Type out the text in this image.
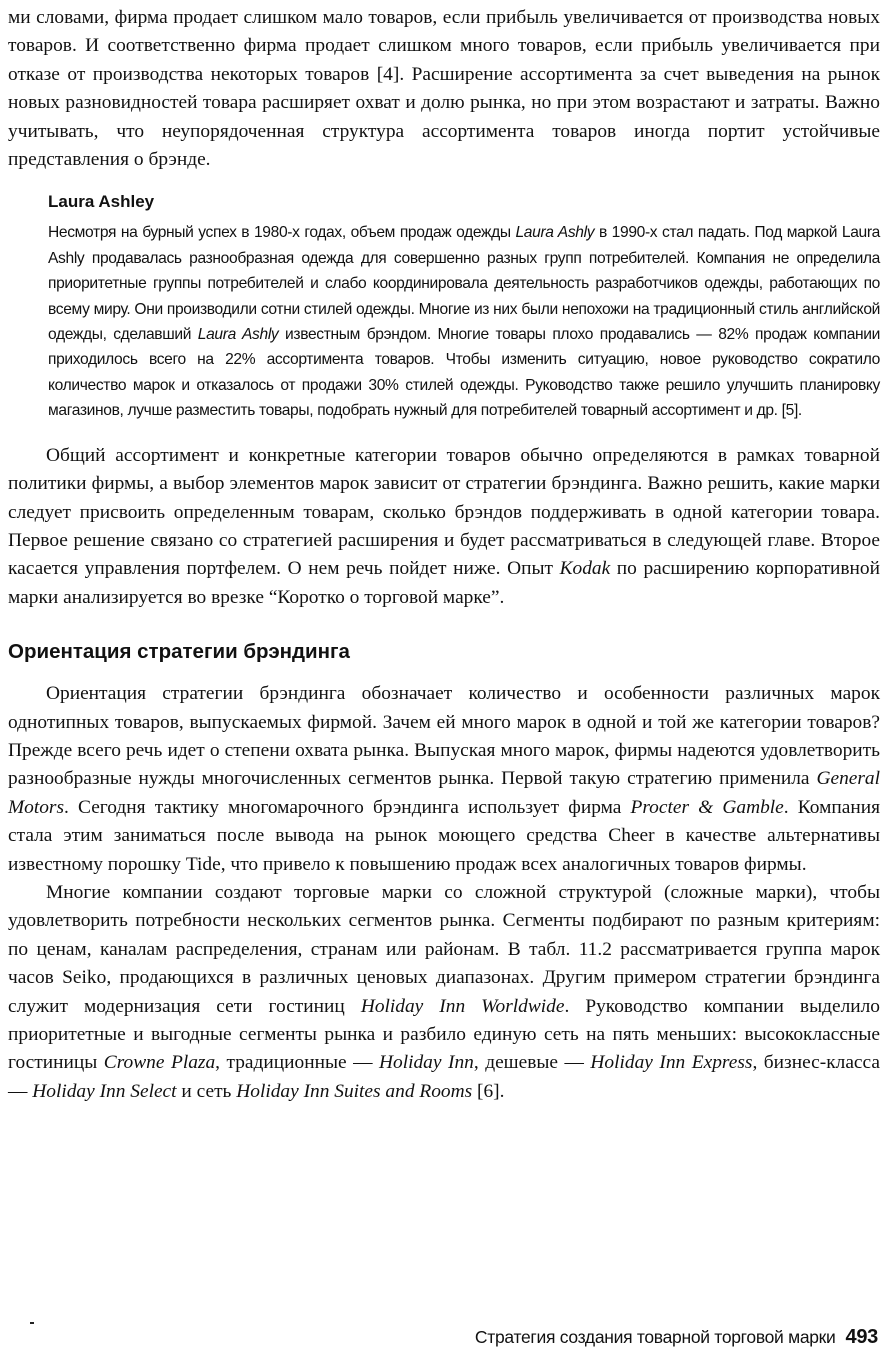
ми словами, фирма продает слишком мало товаров, если прибыль увеличивается от производства новых товаров. И соответственно фирма продает слишком много товаров, если прибыль увеличивается при отказе от производства некоторых товаров [4]. Расширение ассортимента за счет выведения на рынок новых разновидностей товара расширяет охват и долю рынка, но при этом возрастают и затраты. Важно учитывать, что неупорядоченная структура ассортимента товаров иногда портит устойчивые представления о брэнде.

Laura Ashley

Несмотря на бурный успех в 1980-х годах, объем продаж одежды Laura Ashly в 1990-х стал падать. Под маркой Laura Ashly продавалась разнообразная одежда для совершенно разных групп потребителей. Компания не определила приоритетные группы потребителей и слабо координировала деятельность разработчиков одежды, работающих по всему миру. Они производили сотни стилей одежды. Многие из них были непохожи на традиционный стиль английской одежды, сделавший Laura Ashly известным брэндом. Многие товары плохо продавались — 82% продаж компании приходилось всего на 22% ассортимента товаров. Чтобы изменить ситуацию, новое руководство сократило количество марок и отказалось от продажи 30% стилей одежды. Руководство также решило улучшить планировку магазинов, лучше разместить товары, подобрать нужный для потребителей товарный ассортимент и др. [5].

Общий ассортимент и конкретные категории товаров обычно определяются в рамках товарной политики фирмы, а выбор элементов марок зависит от стратегии брэндинга. Важно решить, какие марки следует присвоить определенным товарам, сколько брэндов поддерживать в одной категории товара. Первое решение связано со стратегией расширения и будет рассматриваться в следующей главе. Второе касается управления портфелем. О нем речь пойдет ниже. Опыт Kodak по расширению корпоративной марки анализируется во врезке “Коротко о торговой марке”.

Ориентация стратегии брэндинга

Ориентация стратегии брэндинга обозначает количество и особенности различных марок однотипных товаров, выпускаемых фирмой. Зачем ей много марок в одной и той же категории товаров? Прежде всего речь идет о степени охвата рынка. Выпуская много марок, фирмы надеются удовлетворить разнообразные нужды многочисленных сегментов рынка. Первой такую стратегию применила General Motors. Сегодня тактику многомарочного брэндинга использует фирма Procter & Gamble. Компания стала этим заниматься после вывода на рынок моющего средства Cheer в качестве альтернативы известному порошку Tide, что привело к повышению продаж всех аналогичных товаров фирмы.

Многие компании создают торговые марки со сложной структурой (сложные марки), чтобы удовлетворить потребности нескольких сегментов рынка. Сегменты подбирают по разным критериям: по ценам, каналам распределения, странам или районам. В табл. 11.2 рассматривается группа марок часов Seiko, продающихся в различных ценовых диапазонах. Другим примером стратегии брэндинга служит модернизация сети гостиниц Holiday Inn Worldwide. Руководство компании выделило приоритетные и выгодные сегменты рынка и разбило единую сеть на пять меньших: высококлассные гостиницы Crowne Plaza, традиционные — Holiday Inn, дешевые — Holiday Inn Express, бизнес-класса — Holiday Inn Select и сеть Holiday Inn Suites and Rooms [6].

Стратегия создания товарной торговой марки 493
